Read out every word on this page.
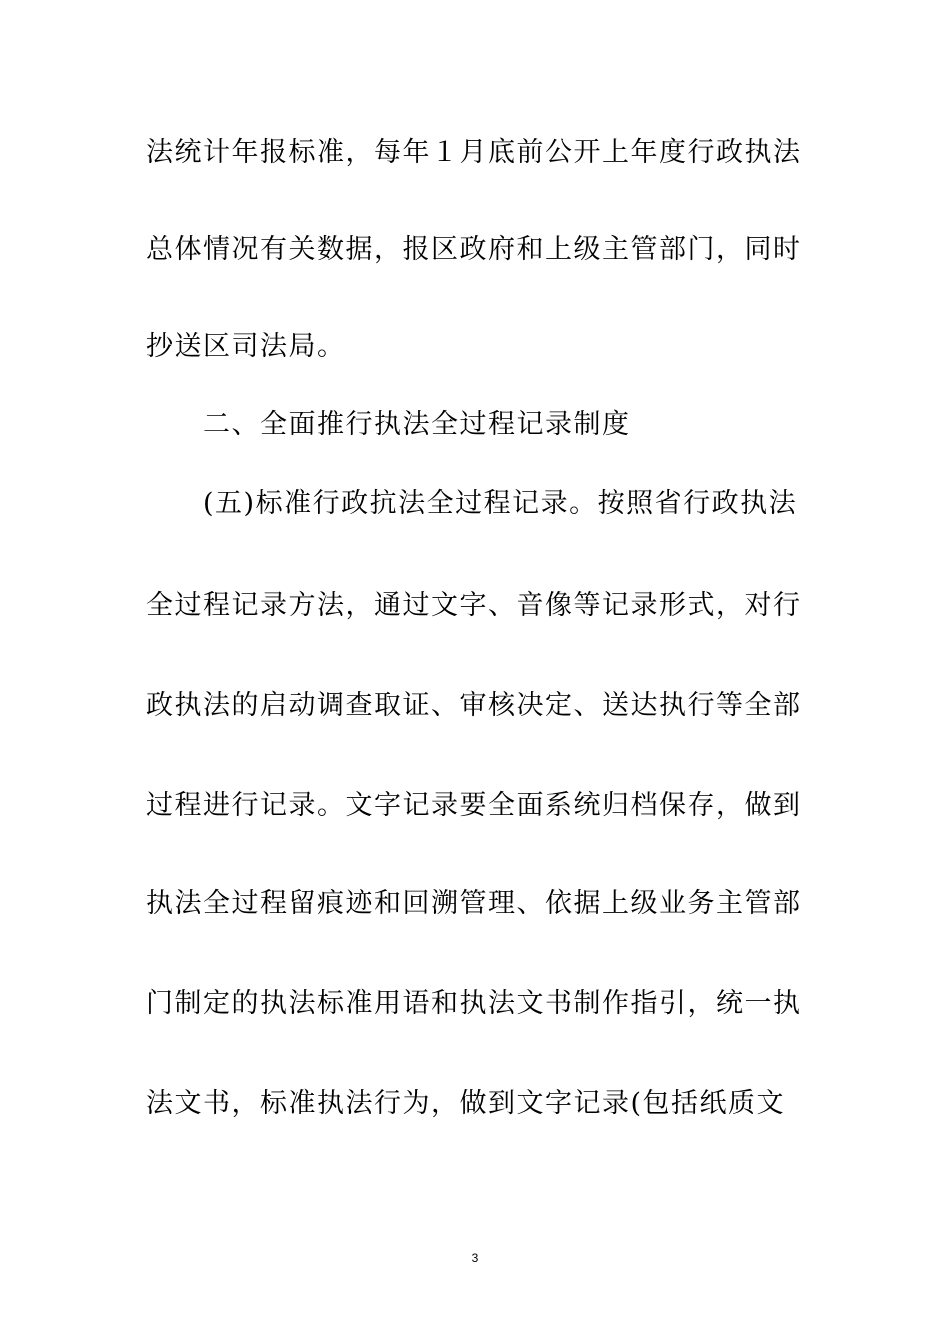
法统计年报标准，每年１月底前公开上年度行政执法
总体情况有关数据，报区政府和上级主管部门，同时
抄送区司法局。
二、全面推行执法全过程记录制度
(五)标准行政抗法全过程记录。按照省行政执法
全过程记录方法，通过文字、音像等记录形式，对行
政执法的启动调查取证、审核决定、送达执行等全部
过程进行记录。文字记录要全面系统归档保存，做到
执法全过程留痕迹和回溯管理、依据上级业务主管部
门制定的执法标准用语和执法文书制作指引，统一执
法文书，标准执法行为，做到文字记录(包括纸质文
3
